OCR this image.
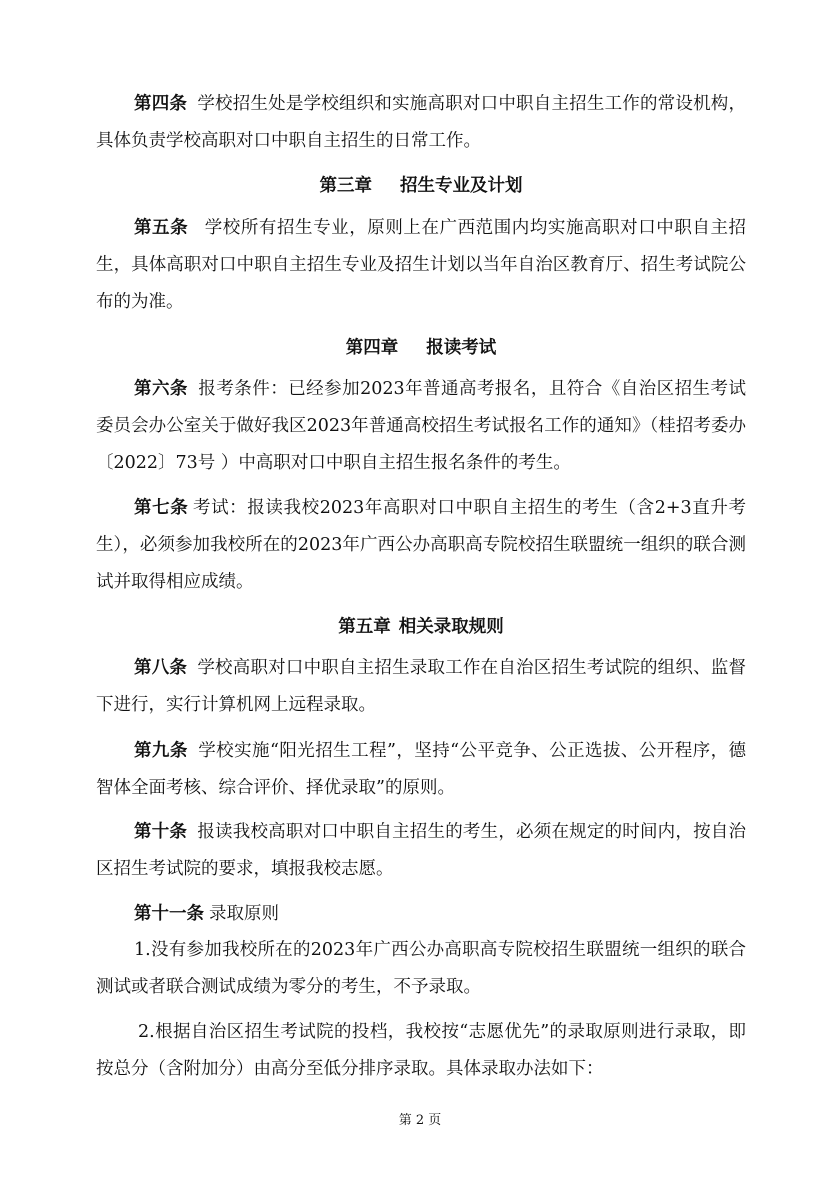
第四条 学校招生处是学校组织和实施高职对口中职自主招生工作的常设机构，具体负责学校高职对口中职自主招生的日常工作。

第三章 招生专业及计划

第五条 学校所有招生专业，原则上在广西范围内均实施高职对口中职自主招生，具体高职对口中职自主招生专业及招生计划以当年自治区教育厅、招生考试院公布的为准。

第四章 报读考试

第六条 报考条件：已经参加2023年普通高考报名，且符合《自治区招生考试委员会办公室关于做好我区2023年普通高校招生考试报名工作的通知》（桂招考委办〔2022〕73号 ）中高职对口中职自主招生报名条件的考生。

第七条 考试：报读我校2023年高职对口中职自主招生的考生（含2+3直升考生），必须参加我校所在的2023年广西公办高职高专院校招生联盟统一组织的联合测试并取得相应成绩。

第五章 相关录取规则

第八条 学校高职对口中职自主招生录取工作在自治区招生考试院的组织、监督下进行，实行计算机网上远程录取。

第九条 学校实施“阳光招生工程”，坚持“公平竞争、公正选拔、公开程序，德智体全面考核、综合评价、择优录取”的原则。

第十条 报读我校高职对口中职自主招生的考生，必须在规定的时间内，按自治区招生考试院的要求，填报我校志愿。

第十一条 录取原则

1.没有参加我校所在的2023年广西公办高职高专院校招生联盟统一组织的联合测试或者联合测试成绩为零分的考生，不予录取。

2.根据自治区招生考试院的投档，我校按“志愿优先”的录取原则进行录取，即按总分（含附加分）由高分至低分排序录取。具体录取办法如下：

第 2 页
